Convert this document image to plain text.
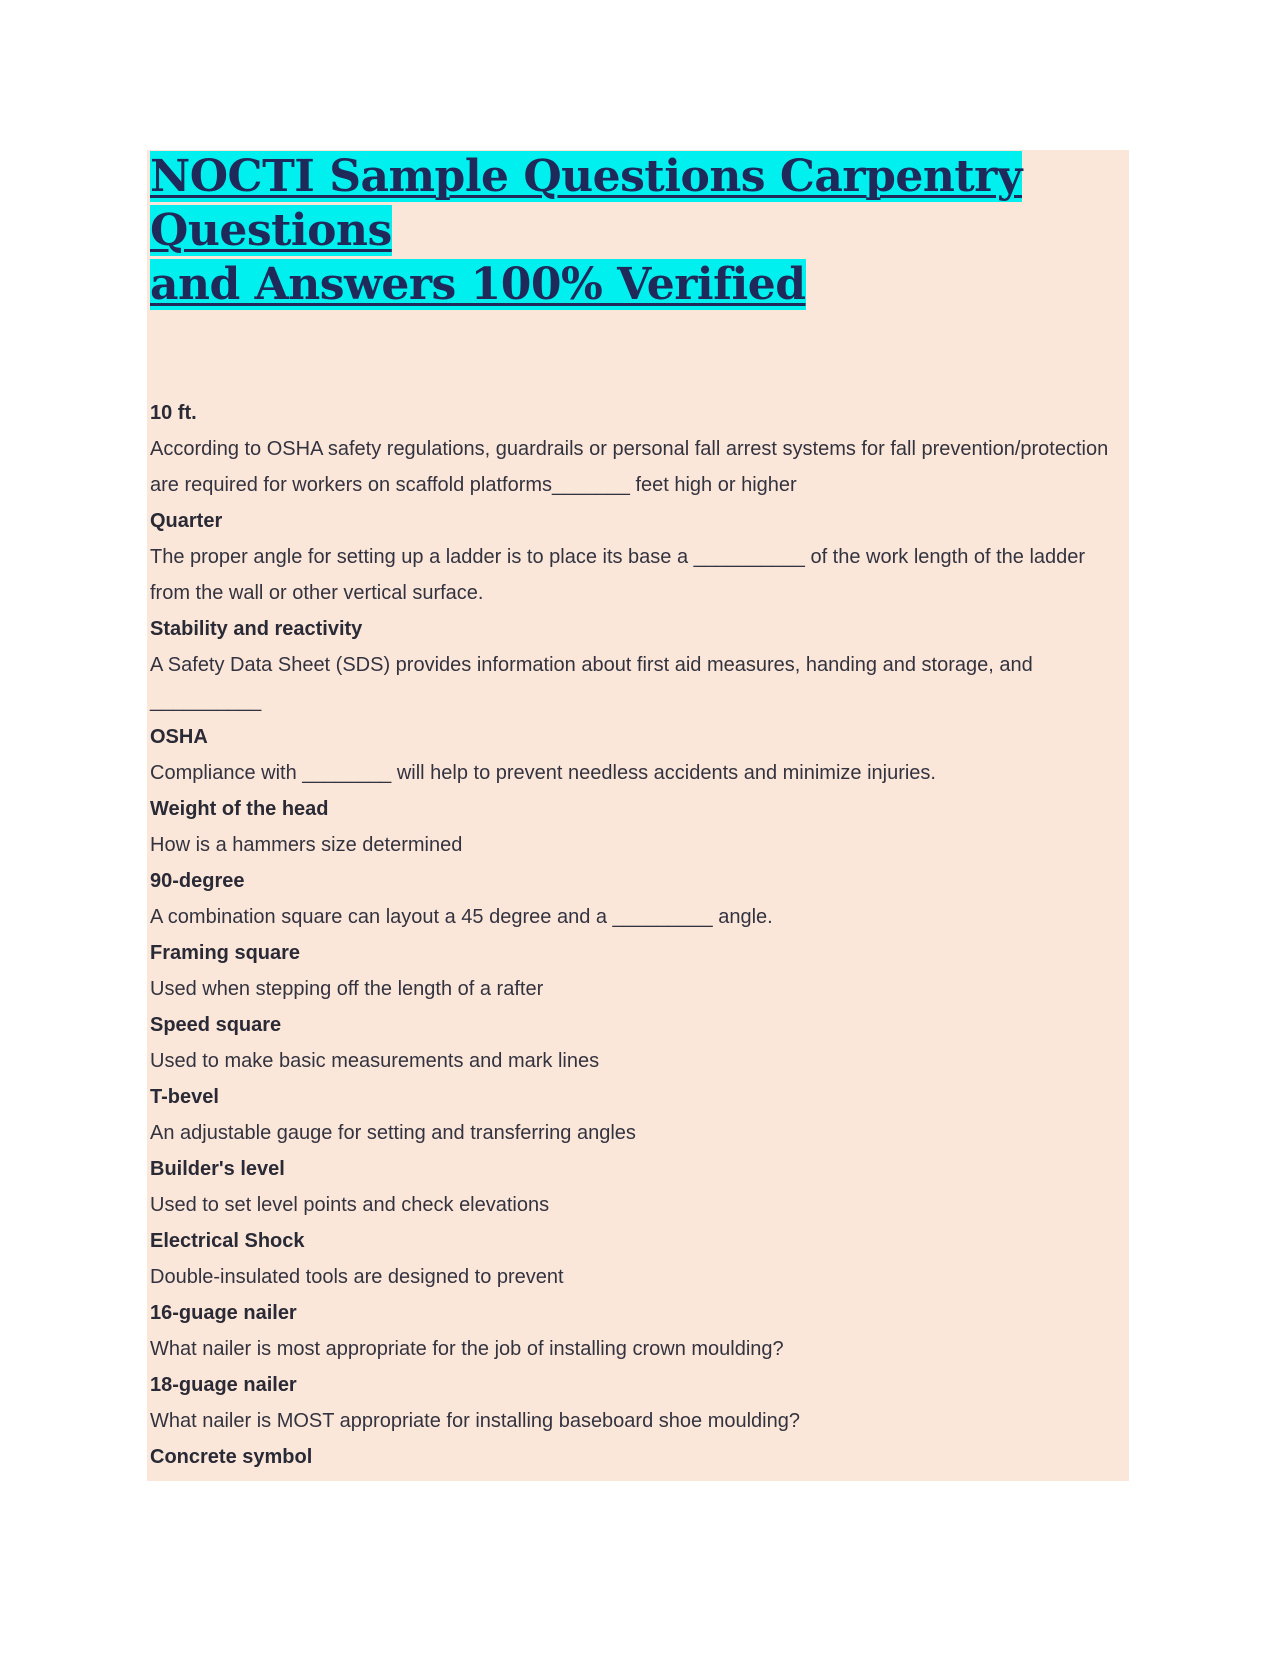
NOCTI Sample Questions Carpentry Questions
and Answers 100% Verified
10 ft.
According to OSHA safety regulations, guardrails or personal fall arrest systems for fall prevention/protection are required for workers on scaffold platforms_______ feet high or higher
Quarter
The proper angle for setting up a ladder is to place its base a __________ of the work length of the ladder from the wall or other vertical surface.
Stability and reactivity
A Safety Data Sheet (SDS) provides information about first aid measures, handing and storage, and __________
OSHA
Compliance with ________ will help to prevent needless accidents and minimize injuries.
Weight of the head
How is a hammers size determined
90-degree
A combination square can layout a 45 degree and a _________ angle.
Framing square
Used when stepping off the length of a rafter
Speed square
Used to make basic measurements and mark lines
T-bevel
An adjustable gauge for setting and transferring angles
Builder's level
Used to set level points and check elevations
Electrical Shock
Double-insulated tools are designed to prevent
16-guage nailer
What nailer is most appropriate for the job of installing crown moulding?
18-guage nailer
What nailer is MOST appropriate for installing baseboard shoe moulding?
Concrete symbol
